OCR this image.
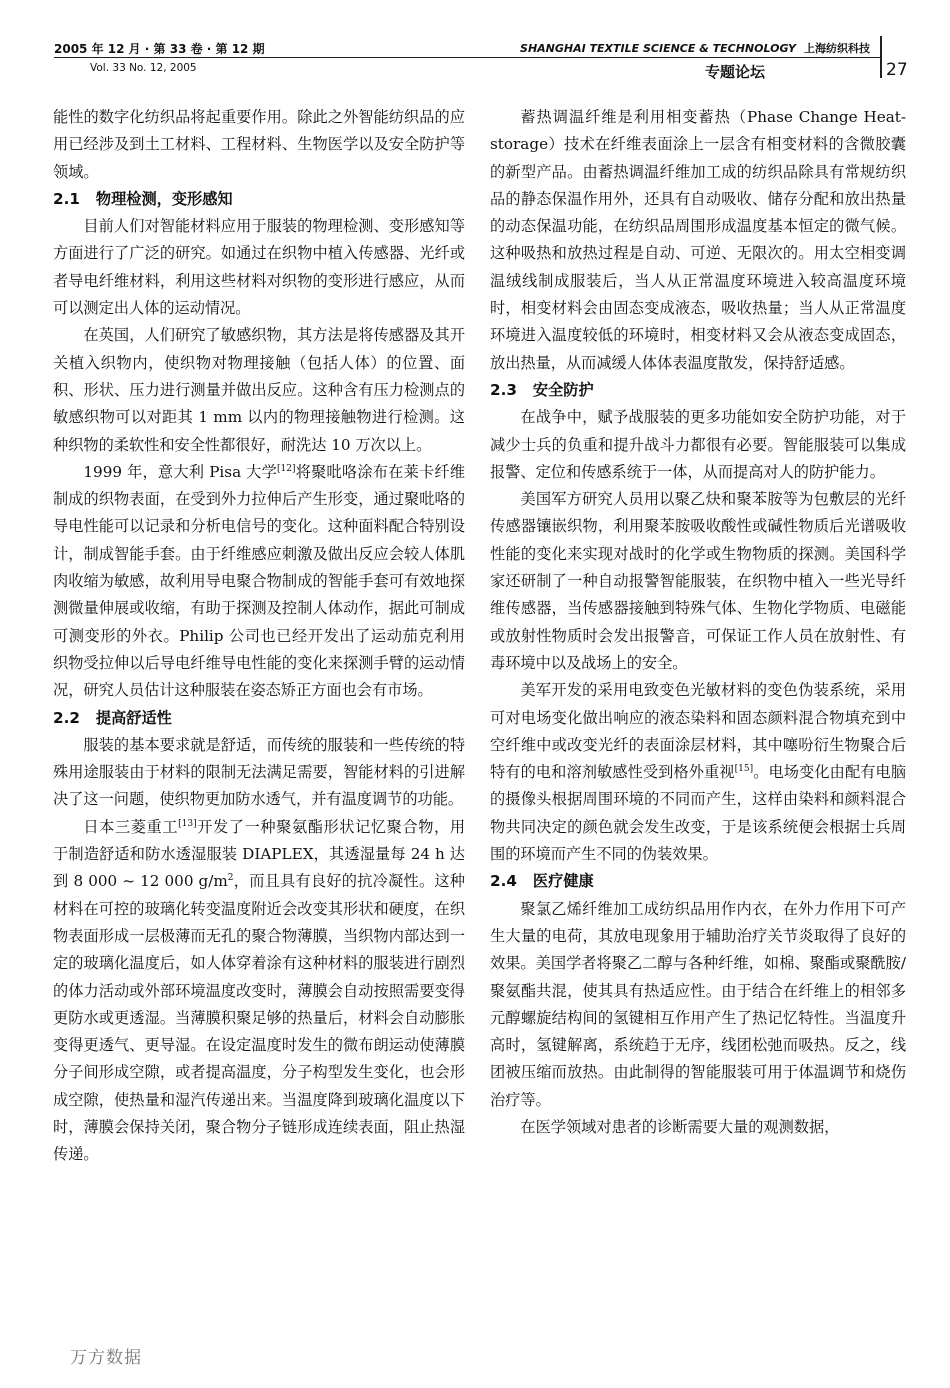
2005 年 12 月 · 第 33 卷 · 第 12 期
Vol. 33 No. 12, 2005
SHANGHAI TEXTILE SCIENCE & TECHNOLOGY 上海纺织科技
专题论坛	27

能性的数字化纺织品将起重要作用。除此之外智能纺织品的应用已经涉及到土工材料、工程材料、生物医学以及安全防护等领域。

2.1 物理检测，变形感知

目前人们对智能材料应用于服装的物理检测、变形感知等方面进行了广泛的研究。如通过在织物中植入传感器、光纤或者导电纤维材料，利用这些材料对织物的变形进行感应，从而可以测定出人体的运动情况。

在英国，人们研究了敏感织物，其方法是将传感器及其开关植入织物内，使织物对物理接触（包括人体）的位置、面积、形状、压力进行测量并做出反应。这种含有压力检测点的敏感织物可以对距其 1 mm 以内的物理接触物进行检测。这种织物的柔软性和安全性都很好，耐洗达 10 万次以上。

1999 年，意大利 Pisa 大学[12]将聚吡咯涂布在莱卡纤维制成的织物表面，在受到外力拉伸后产生形变，通过聚吡咯的导电性能可以记录和分析电信号的变化。这种面料配合特别设计，制成智能手套。由于纤维感应刺激及做出反应会较人体肌肉收缩为敏感，故利用导电聚合物制成的智能手套可有效地探测微量伸展或收缩，有助于探测及控制人体动作，据此可制成可测变形的外衣。Philip 公司也已经开发出了运动茄克利用织物受拉伸以后导电纤维导电性能的变化来探测手臂的运动情况，研究人员估计这种服装在姿态矫正方面也会有市场。

2.2 提高舒适性

服装的基本要求就是舒适，而传统的服装和一些传统的特殊用途服装由于材料的限制无法满足需要，智能材料的引进解决了这一问题，使织物更加防水透气，并有温度调节的功能。

日本三菱重工[13]开发了一种聚氨酯形状记忆聚合物，用于制造舒适和防水透湿服装 DIAPLEX，其透湿量每 24 h 达到 8 000 ~ 12 000 $g/m^2$，而且具有良好的抗冷凝性。这种材料在可控的玻璃化转变温度附近会改变其形状和硬度，在织物表面形成一层极薄而无孔的聚合物薄膜，当织物内部达到一定的玻璃化温度后，如人体穿着涂有这种材料的服装进行剧烈的体力活动或外部环境温度改变时，薄膜会自动按照需要变得更防水或更透湿。当薄膜积聚足够的热量后，材料会自动膨胀变得更透气、更导湿。在设定温度时发生的微布朗运动使薄膜分子间形成空隙，或者提高温度，分子构型发生变化，也会形成空隙，使热量和湿汽传递出来。当温度降到玻璃化温度以下时，薄膜会保持关闭，聚合物分子链形成连续表面，阻止热湿传递。

蓄热调温纤维是利用相变蓄热（Phase Change Heat-storage）技术在纤维表面涂上一层含有相变材料的含微胶囊的新型产品。由蓄热调温纤维加工成的纺织品除具有常规纺织品的静态保温作用外，还具有自动吸收、储存分配和放出热量的动态保温功能，在纺织品周围形成温度基本恒定的微气候。这种吸热和放热过程是自动、可逆、无限次的。用太空相变调温绒线制成服装后，当人从正常温度环境进入较高温度环境时，相变材料会由固态变成液态，吸收热量；当人从正常温度环境进入温度较低的环境时，相变材料又会从液态变成固态，放出热量，从而减缓人体体表温度散发，保持舒适感。

2.3 安全防护

在战争中，赋予战服装的更多功能如安全防护功能，对于减少士兵的负重和提升战斗力都很有必要。智能服装可以集成报警、定位和传感系统于一体，从而提高对人的防护能力。

美国军方研究人员用以聚乙炔和聚苯胺等为包敷层的光纤传感器镶嵌织物，利用聚苯胺吸收酸性或碱性物质后光谱吸收性能的变化来实现对战时的化学或生物物质的探测。美国科学家还研制了一种自动报警智能服装，在织物中植入一些光导纤维传感器，当传感器接触到特殊气体、生物化学物质、电磁能或放射性物质时会发出报警音，可保证工作人员在放射性、有毒环境中以及战场上的安全。

美军开发的采用电致变色光敏材料的变色伪装系统，采用可对电场变化做出响应的液态染料和固态颜料混合物填充到中空纤维中或改变光纤的表面涂层材料，其中噻吩衍生物聚合后特有的电和溶剂敏感性受到格外重视[15]。电场变化由配有电脑的摄像头根据周围环境的不同而产生，这样由染料和颜料混合物共同决定的颜色就会发生改变，于是该系统便会根据士兵周围的环境而产生不同的伪装效果。

2.4 医疗健康

聚氯乙烯纤维加工成纺织品用作内衣，在外力作用下可产生大量的电荷，其放电现象用于辅助治疗关节炎取得了良好的效果。美国学者将聚乙二醇与各种纤维，如棉、聚酯或聚酰胺/聚氨酯共混，使其具有热适应性。由于结合在纤维上的相邻多元醇螺旋结构间的氢键相互作用产生了热记忆特性。当温度升高时，氢键解离，系统趋于无序，线团松弛而吸热。反之，线团被压缩而放热。由此制得的智能服装可用于体温调节和烧伤治疗等。

在医学领域对患者的诊断需要大量的观测数据，

万方数据
